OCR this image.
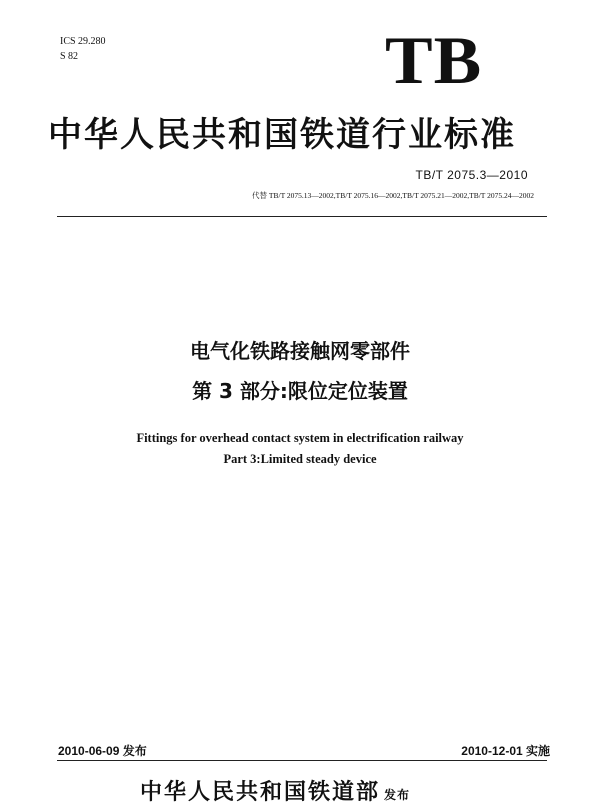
ICS 29.280
S 82	TB
中华人民共和国铁道行业标准
TB/T 2075.3—2010
代替 TB/T 2075.13—2002,TB/T 2075.16—2002,TB/T 2075.21—2002,TB/T 2075.24—2002
电气化铁路接触网零部件
第 3 部分:限位定位装置
Fittings for overhead contact system in electrification railway
Part 3:Limited steady device
2010-06-09 发布	2010-12-01 实施
中华人民共和国铁道部 发布
